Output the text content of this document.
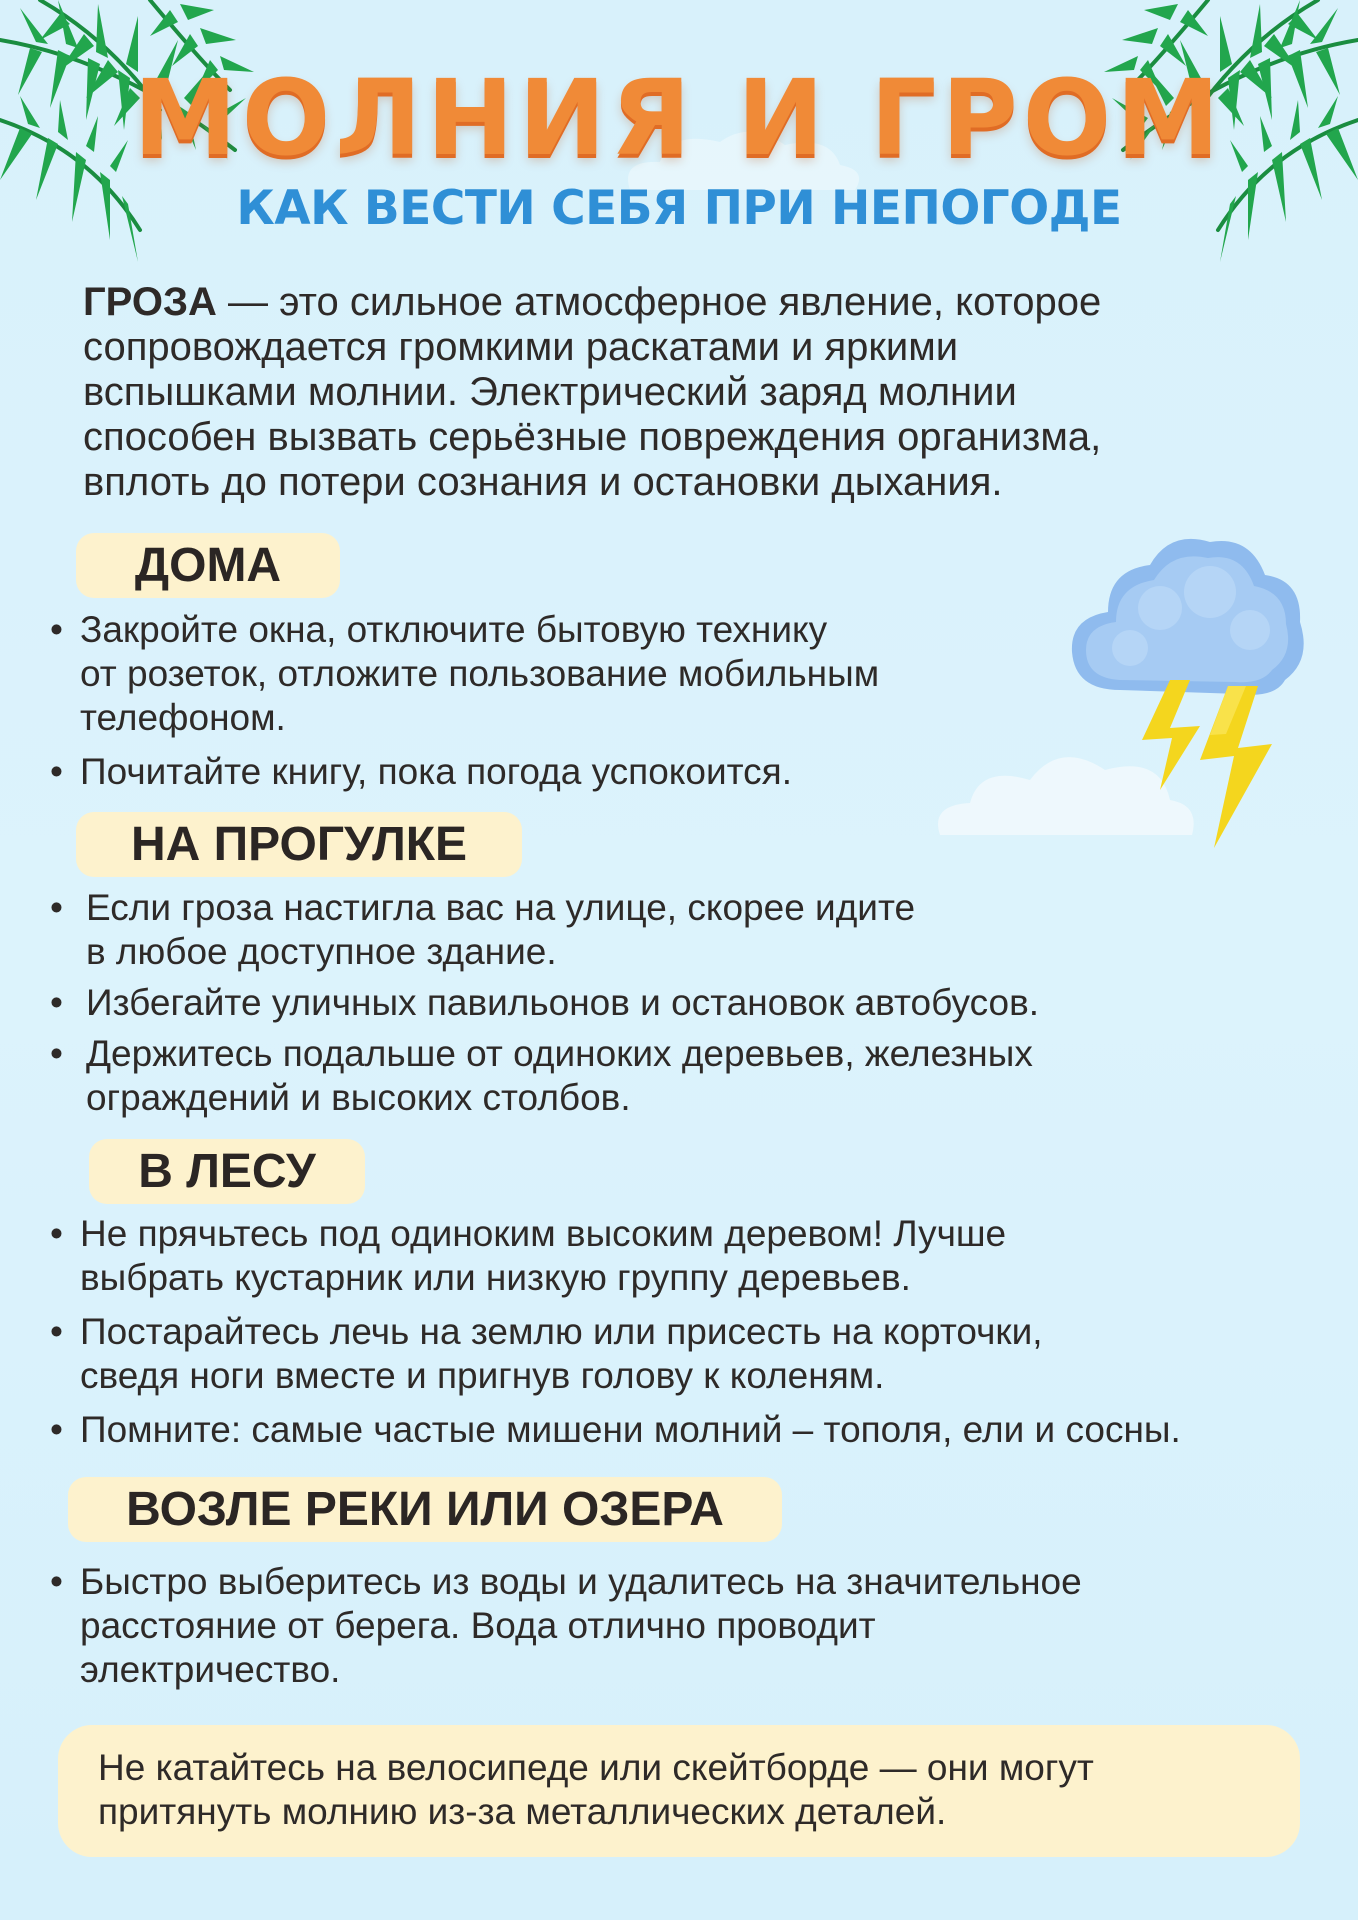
МОЛНИЯ И ГРОМ
КАК ВЕСТИ СЕБЯ ПРИ НЕПОГОДЕ
ГРОЗА — это сильное атмосферное явление, которое
сопровождается громкими раскатами и яркими
вспышками молнии. Электрический заряд молнии
способен вызвать серьёзные повреждения организма,
вплоть до потери сознания и остановки дыхания.
ДОМА
• Закройте окна, отключите бытовую технику
от розеток, отложите пользование мобильным
телефоном.
• Почитайте книгу, пока погода успокоится.
НА ПРОГУЛКЕ
• Если гроза настигла вас на улице, скорее идите
в любое доступное здание.
• Избегайте уличных павильонов и остановок автобусов.
• Держитесь подальше от одиноких деревьев, железных
ограждений и высоких столбов.
В ЛЕСУ
• Не прячьтесь под одиноким высоким деревом! Лучше
выбрать кустарник или низкую группу деревьев.
• Постарайтесь лечь на землю или присесть на корточки,
сведя ноги вместе и пригнув голову к коленям.
• Помните: самые частые мишени молний – тополя, ели и сосны.
ВОЗЛЕ РЕКИ ИЛИ ОЗЕРА
• Быстро выберитесь из воды и удалитесь на значительное
расстояние от берега. Вода отлично проводит
электричество.
Не катайтесь на велосипеде или скейтборде — они могут
притянуть молнию из-за металлических деталей.
